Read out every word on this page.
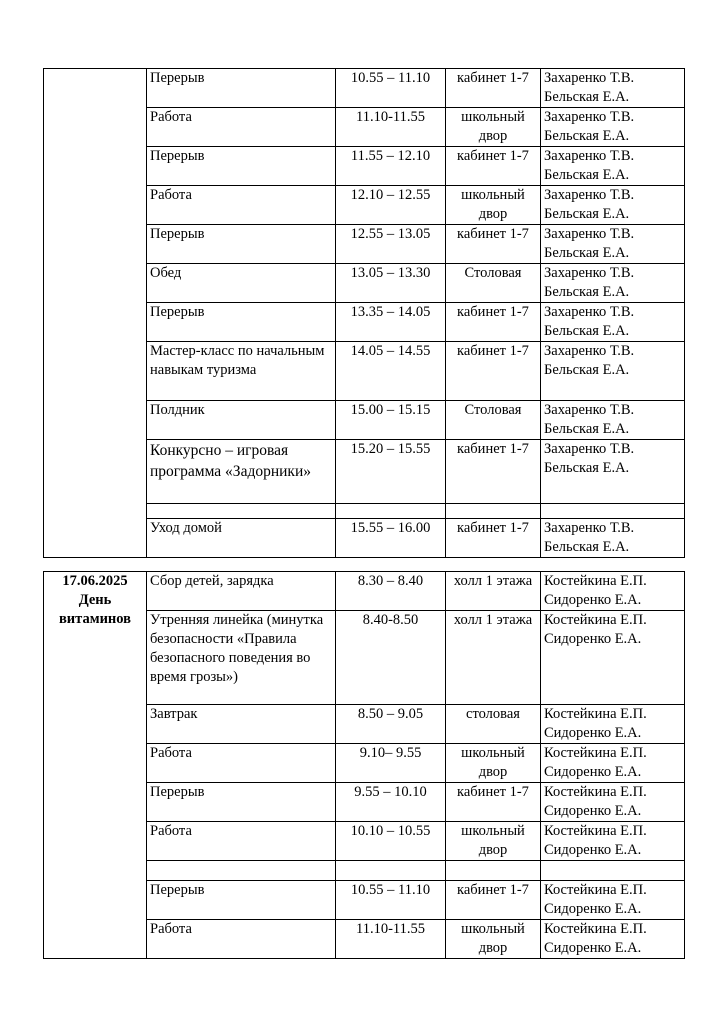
	Перерыв	10.55 – 11.10	кабинет 1-7	Захаренко Т.В.
Бельская Е.А.

	Работа	11.10-11.55	школьный двор	Захаренко Т.В.
Бельская Е.А.

	Перерыв	11.55 – 12.10	кабинет 1-7	Захаренко Т.В.
Бельская Е.А.

	Работа	12.10 – 12.55	школьный двор	Захаренко Т.В.
Бельская Е.А.

	Перерыв	12.55 – 13.05	кабинет 1-7	Захаренко Т.В.
Бельская Е.А.

	Обед	13.05 – 13.30	Столовая	Захаренко Т.В.
Бельская Е.А.

	Перерыв	13.35 – 14.05	кабинет 1-7	Захаренко Т.В.
Бельская Е.А.

	Мастер-класс по начальным навыкам туризма	14.05 – 14.55	кабинет 1-7	Захаренко Т.В.
Бельская Е.А.

	Полдник	15.00 – 15.15	Столовая	Захаренко Т.В.
Бельская Е.А.

	Конкурсно – игровая программа «Задорники»	15.20 – 15.55	кабинет 1-7	Захаренко Т.В.
Бельская Е.А.

	Уход домой	15.55 – 16.00	кабинет 1-7	Захаренко Т.В.
Бельская Е.А.
17.06.2025
День
витаминов	Сбор детей, зарядка	8.30 – 8.40	холл 1 этажа	Костейкина Е.П.
Сидоренко Е.А.

	Утренняя линейка (минутка безопасности «Правила безопасного поведения во время грозы»)	8.40-8.50	холл 1 этажа	Костейкина Е.П.
Сидоренко Е.А.

	Завтрак	8.50 – 9.05	столовая	Костейкина Е.П.
Сидоренко Е.А.

	Работа	9.10– 9.55	школьный двор	Костейкина Е.П.
Сидоренко Е.А.

	Перерыв	9.55 – 10.10	кабинет 1-7	Костейкина Е.П.
Сидоренко Е.А.

	Работа	10.10 – 10.55	школьный двор	Костейкина Е.П.
Сидоренко Е.А.

	Перерыв	10.55 – 11.10	кабинет 1-7	Костейкина Е.П.
Сидоренко Е.А.

	Работа	11.10-11.55	школьный двор	Костейкина Е.П.
Сидоренко Е.А.
